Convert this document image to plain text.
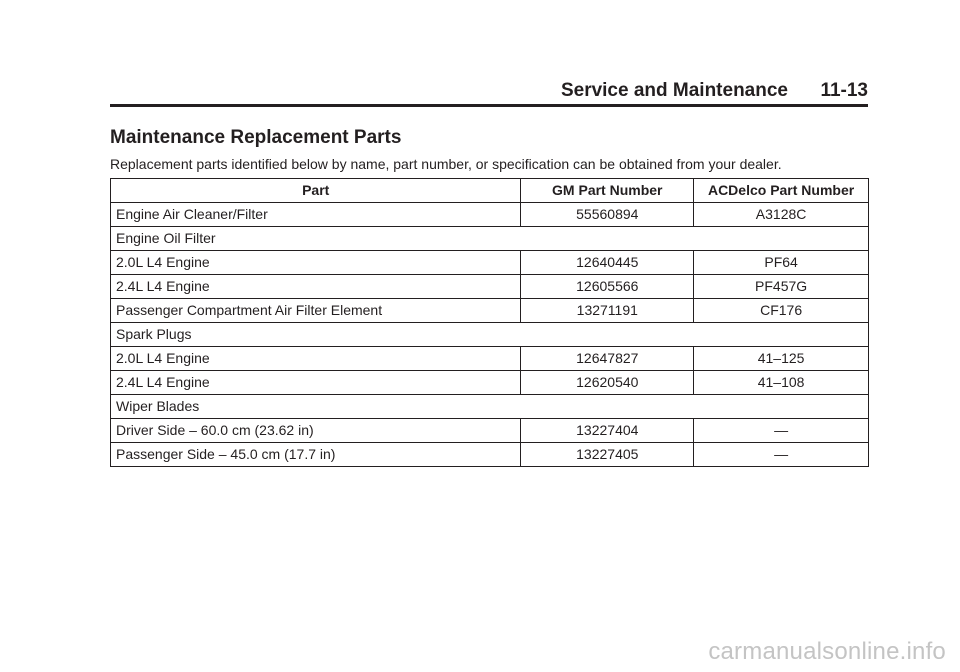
Service and Maintenance 11-13
Maintenance Replacement Parts
Replacement parts identified below by name, part number, or specification can be obtained from your dealer.
Part	GM Part Number	ACDelco Part Number
Engine Air Cleaner/Filter	55560894	A3128C
Engine Oil Filter		
2.0L L4 Engine	12640445	PF64
2.4L L4 Engine	12605566	PF457G
Passenger Compartment Air Filter Element	13271191	CF176
Spark Plugs		
2.0L L4 Engine	12647827	41–125
2.4L L4 Engine	12620540	41–108
Wiper Blades		
Driver Side – 60.0 cm (23.62 in)	13227404	—
Passenger Side – 45.0 cm (17.7 in)	13227405	—
carmanualsonline.info
